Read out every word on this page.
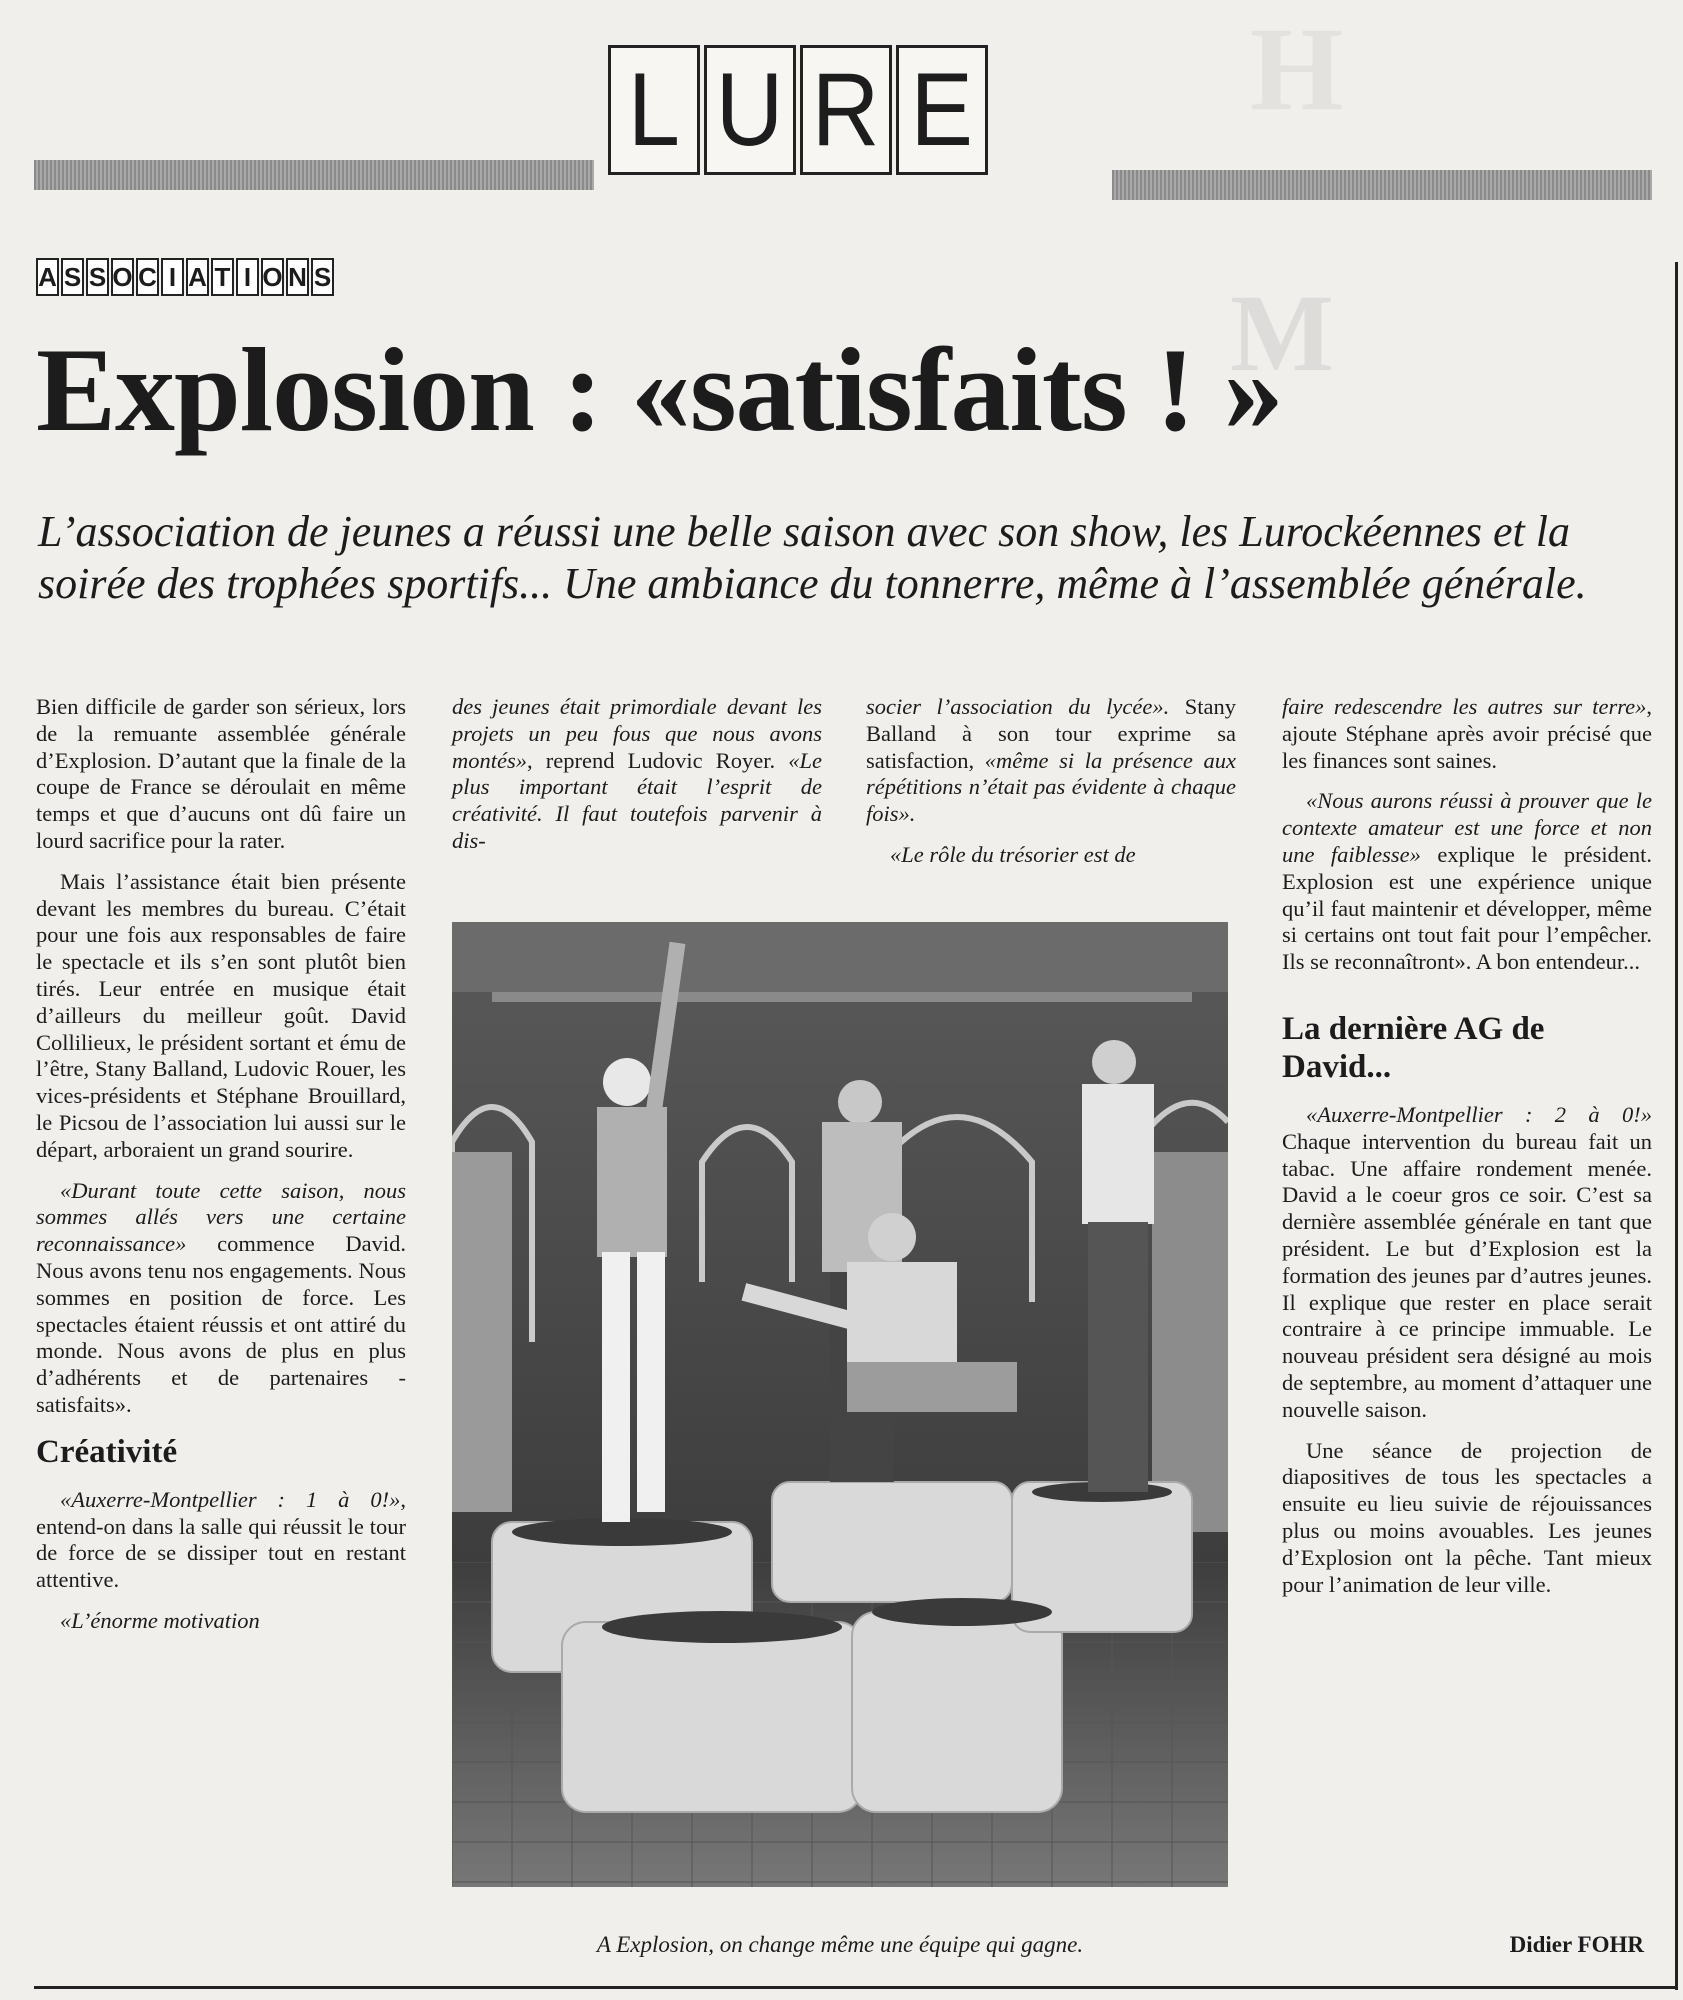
M
H
L U R E
A S S O C I A T I O N S
Explosion : «satisfaits ! »

L’association de jeunes a réussi une belle saison avec son show, les Lurockéennes et la soirée des trophées sportifs... Une ambiance du tonnerre, même à l’assemblée générale.

Bien difficile de garder son sérieux, lors de la remuante assemblée générale d’Explosion. D’autant que la finale de la coupe de France se déroulait en même temps et que d’aucuns ont dû faire un lourd sacrifice pour la rater.

Mais l’assistance était bien présente devant les membres du bureau. C’était pour une fois aux responsables de faire le spectacle et ils s’en sont plutôt bien tirés. Leur entrée en musique était d’ailleurs du meilleur goût. David Collilieux, le président sortant et ému de l’être, Stany Balland, Ludovic Rouer, les vices-présidents et Stéphane Brouillard, le Picsou de l’association lui aussi sur le départ, arboraient un grand sourire.

«Durant toute cette saison, nous sommes allés vers une certaine reconnaissance» commence David. Nous avons tenu nos engagements. Nous sommes en position de force. Les spectacles étaient réussis et ont attiré du monde. Nous avons de plus en plus d’adhérents et de partenaires - satisfaits».

Créativité

«Auxerre-Montpellier : 1 à 0!», entend-on dans la salle qui réussit le tour de force de se dissiper tout en restant attentive.

«L’énorme motivation

des jeunes était primordiale devant les projets un peu fous que nous avons montés», reprend Ludovic Royer. «Le plus important était l’esprit de créativité. Il faut toutefois parvenir à dis-

socier l’association du lycée». Stany Balland à son tour exprime sa satisfaction, «même si la présence aux répétitions n’était pas évidente à chaque fois».

«Le rôle du trésorier est de

faire redescendre les autres sur terre», ajoute Stéphane après avoir précisé que les finances sont saines.

«Nous aurons réussi à prouver que le contexte amateur est une force et non une faiblesse» explique le président. Explosion est une expérience unique qu’il faut maintenir et développer, même si certains ont tout fait pour l’empêcher. Ils se reconnaîtront». A bon entendeur...

La dernière AG de David...

«Auxerre-Montpellier : 2 à 0!» Chaque intervention du bureau fait un tabac. Une affaire rondement menée. David a le coeur gros ce soir. C’est sa dernière assemblée générale en tant que président. Le but d’Explosion est la formation des jeunes par d’autres jeunes. Il explique que rester en place serait contraire à ce principe immuable. Le nouveau président sera désigné au mois de septembre, au moment d’attaquer une nouvelle saison.

Une séance de projection de diapositives de tous les spectacles a ensuite eu lieu suivie de réjouissances plus ou moins avouables. Les jeunes d’Explosion ont la pêche. Tant mieux pour l’animation de leur ville.

A Explosion, on change même une équipe qui gagne.	Didier FOHR
